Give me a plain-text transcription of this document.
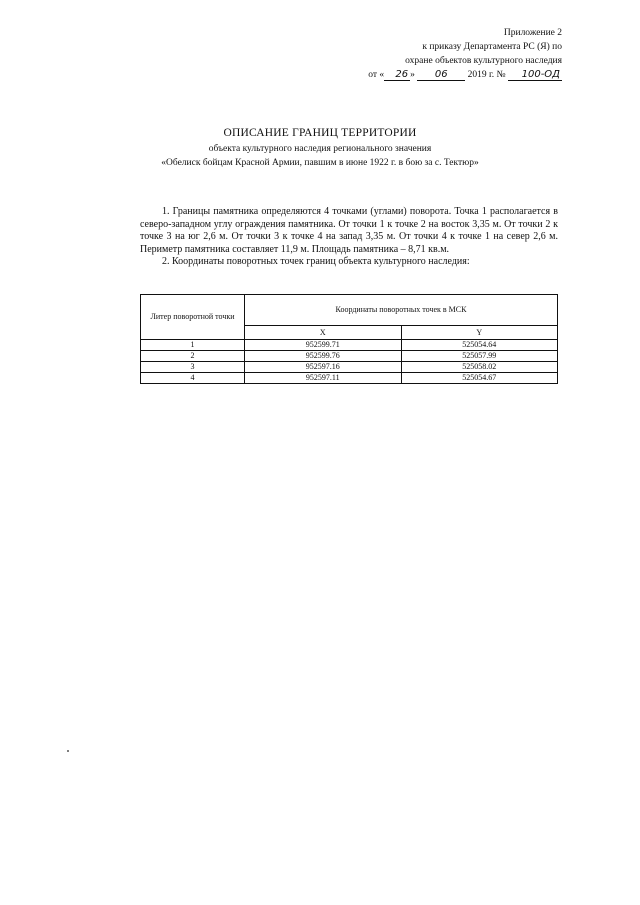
Приложение 2
к приказу Департамента РС (Я) по
охране объектов культурного наследия
от « 26 » 06 2019 г. № 100-ОД
ОПИСАНИЕ ГРАНИЦ ТЕРРИТОРИИ
объекта культурного наследия регионального значения
«Обелиск бойцам Красной Армии, павшим в июне 1922 г. в бою за с. Тектюр»

1. Границы памятника определяются 4 точками (углами) поворота. Точка 1 располагается в северо-западном углу ограждения памятника. От точки 1 к точке 2 на восток 3,35 м. От точки 2 к точке 3 на юг 2,6 м. От точки 3 к точке 4 на запад 3,35 м. От точки 4 к точке 1 на север 2,6 м. Периметр памятника составляет 11,9 м. Площадь памятника – 8,71 кв.м.

2. Координаты поворотных точек границ объекта культурного наследия:

Литер поворотной точки	Координаты поворотных точек в МСК	
	X	Y
1	952599.71	525054.64
2	952599.76	525057.99
3	952597.16	525058.02
4	952597.11	525054.67
